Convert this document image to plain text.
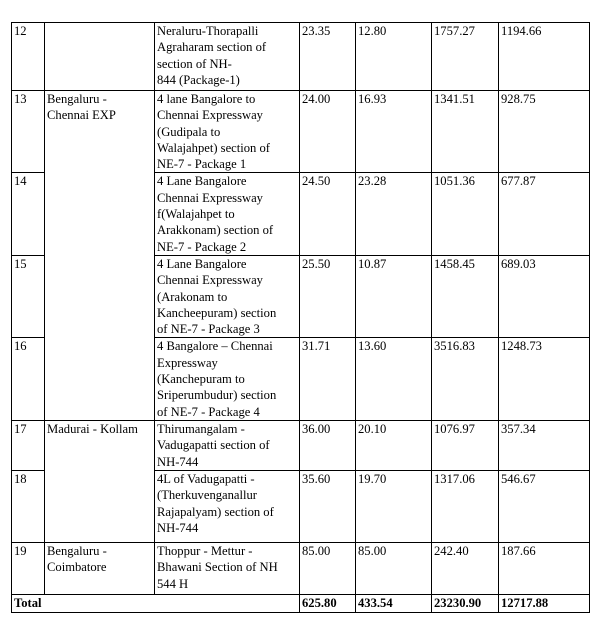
12		Neraluru-Thorapalli
Agraharam section of
section of NH-
844 (Package-1)	23.35	12.80	1757.27	1194.66
13	Bengaluru -
Chennai EXP	4 lane Bangalore to
Chennai Expressway
(Gudipala to
Walajahpet) section of
NE-7 - Package 1	24.00	16.93	1341.51	928.75
14		4 Lane Bangalore
Chennai Expressway
f(Walajahpet to
Arakkonam) section of
NE-7 - Package 2	24.50	23.28	1051.36	677.87
15		4 Lane Bangalore
Chennai Expressway
(Arakonam to
Kancheepuram) section
of NE-7 - Package 3	25.50	10.87	1458.45	689.03
16		4 Bangalore – Chennai
Expressway
(Kanchepuram to
Sriperumbudur) section
of NE-7 - Package 4	31.71	13.60	3516.83	1248.73
17	Madurai - Kollam	Thirumangalam -
Vadugapatti section of
NH-744	36.00	20.10	1076.97	357.34
18		4L of Vadugapatti -
(Therkuvenganallur
Rajapalyam) section of
NH-744	35.60	19.70	1317.06	546.67
19	Bengaluru -
Coimbatore	Thoppur - Mettur -
Bhawani Section of NH
544 H	85.00	85.00	242.40	187.66
Total			625.80	433.54	23230.90	12717.88
